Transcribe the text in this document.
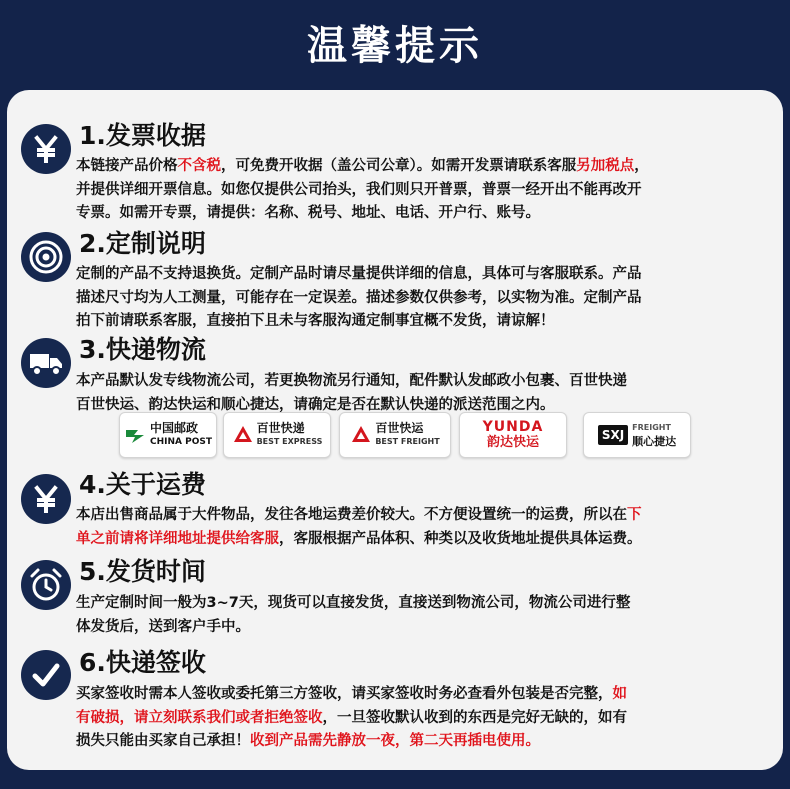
温馨提示
1.发票收据
本链接产品价格不含税，可免费开收据（盖公司公章）。如需开发票请联系客服另加税点，
并提供详细开票信息。如您仅提供公司抬头，我们则只开普票，普票一经开出不能再改开
专票。如需开专票，请提供：名称、税号、地址、电话、开户行、账号。
2.定制说明
定制的产品不支持退换货。定制产品时请尽量提供详细的信息，具体可与客服联系。产品
描述尺寸均为人工测量，可能存在一定误差。描述参数仅供参考，以实物为准。定制产品
拍下前请联系客服，直接拍下且未与客服沟通定制事宜概不发货，请谅解！
3.快递物流
本产品默认发专线物流公司，若更换物流另行通知，配件默认发邮政小包裹、百世快递
百世快运、韵达快运和顺心捷达，请确定是否在默认快递的派送范围之内。
中国邮政
CHINA POST
百世快递
BEST EXPRESS
百世快运
BEST FREIGHT
YUNDA
韵达快运	SXJ
FREIGHT
顺心捷达
4.关于运费
本店出售商品属于大件物品，发往各地运费差价较大。不方便设置统一的运费，所以在下
单之前请将详细地址提供给客服，客服根据产品体积、种类以及收货地址提供具体运费。
5.发货时间
生产定制时间一般为3~7天，现货可以直接发货，直接送到物流公司，物流公司进行整
体发货后，送到客户手中。
6.快递签收
买家签收时需本人签收或委托第三方签收，请买家签收时务必查看外包装是否完整，如
有破损，请立刻联系我们或者拒绝签收，一旦签收默认收到的东西是完好无缺的，如有
损失只能由买家自己承担！收到产品需先静放一夜，第二天再插电使用。
